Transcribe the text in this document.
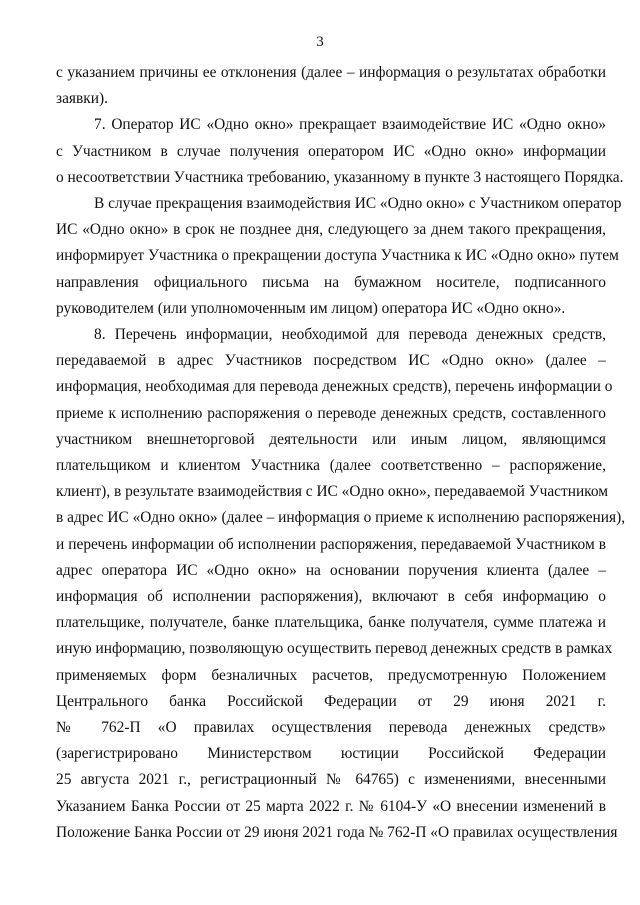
3

с указанием причины ее отклонения (далее – информация о результатах обработки
заявки).

7. Оператор ИС «Одно окно» прекращает взаимодействие ИС «Одно окно»
с Участником в случае получения оператором ИС «Одно окно» информации
о несоответствии Участника требованию, указанному в пункте 3 настоящего Порядка.

В случае прекращения взаимодействия ИС «Одно окно» с Участником оператор
ИС «Одно окно» в срок не позднее дня, следующего за днем такого прекращения,
информирует Участника о прекращении доступа Участника к ИС «Одно окно» путем
направления официального письма на бумажном носителе, подписанного
руководителем (или уполномоченным им лицом) оператора ИС «Одно окно».

8. Перечень информации, необходимой для перевода денежных средств,
передаваемой в адрес Участников посредством ИС «Одно окно» (далее –
информация, необходимая для перевода денежных средств), перечень информации о
приеме к исполнению распоряжения о переводе денежных средств, составленного
участником внешнеторговой деятельности или иным лицом, являющимся
плательщиком и клиентом Участника (далее соответственно – распоряжение,
клиент), в результате взаимодействия с ИС «Одно окно», передаваемой Участником
в адрес ИС «Одно окно» (далее – информация о приеме к исполнению распоряжения),
и перечень информации об исполнении распоряжения, передаваемой Участником в
адрес оператора ИС «Одно окно» на основании поручения клиента (далее –
информация об исполнении распоряжения), включают в себя информацию о
плательщике, получателе, банке плательщика, банке получателя, сумме платежа и
иную информацию, позволяющую осуществить перевод денежных средств в рамках
применяемых форм безналичных расчетов, предусмотренную Положением
Центрального банка Российской Федерации от 29 июня 2021 г.
№ 762-П «О правилах осуществления перевода денежных средств»
(зарегистрировано Министерством юстиции Российской Федерации
25 августа 2021 г., регистрационный № 64765) с изменениями, внесенными
Указанием Банка России от 25 марта 2022 г. № 6104-У «О внесении изменений в
Положение Банка России от 29 июня 2021 года № 762-П «О правилах осуществления
